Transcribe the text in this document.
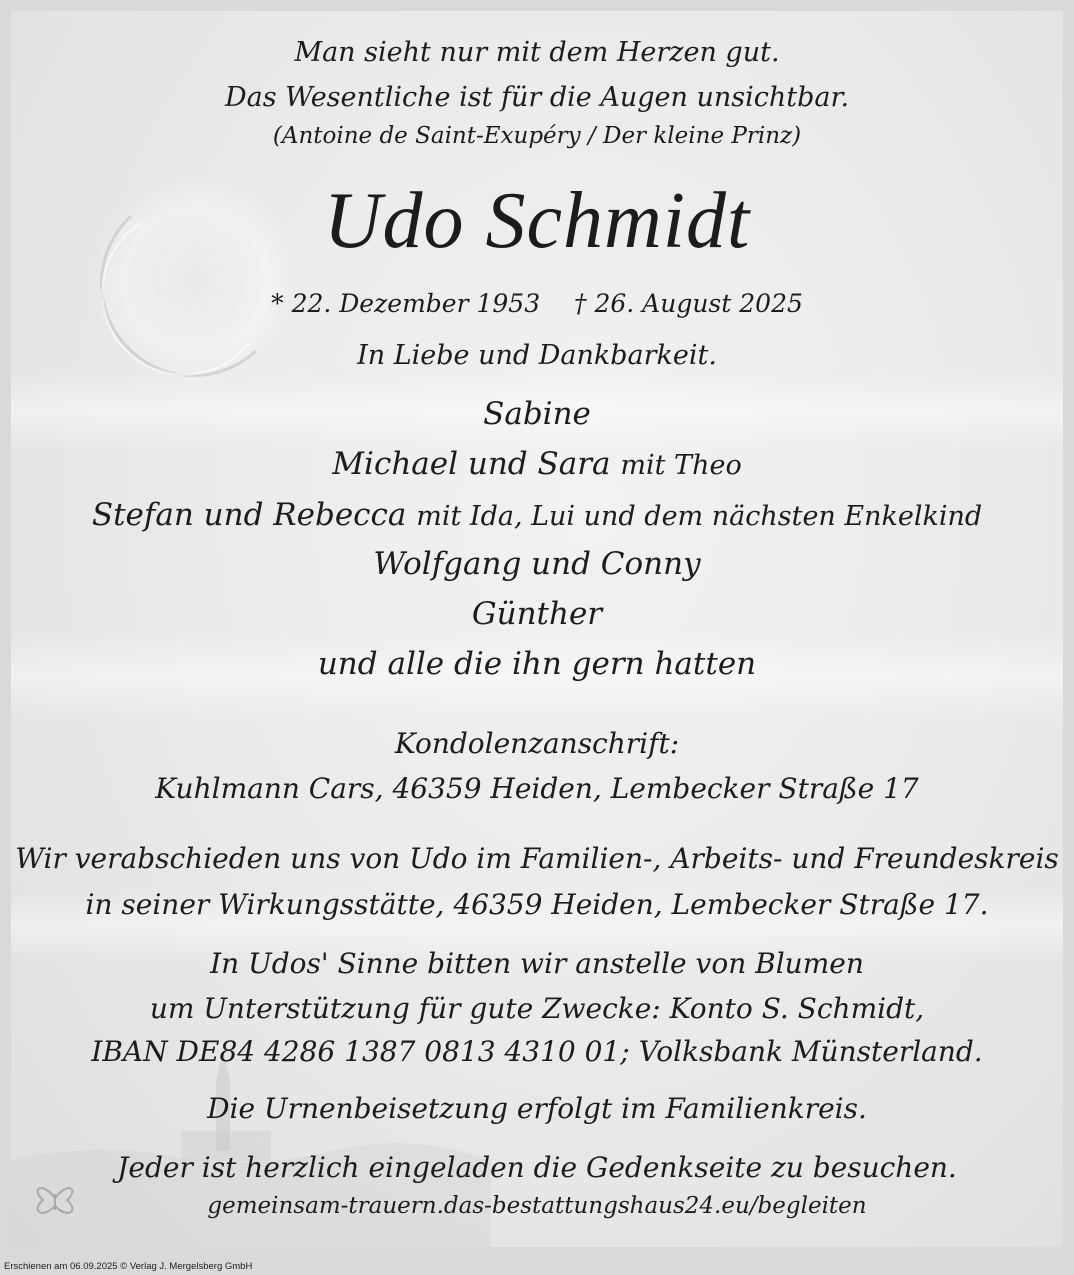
Man sieht nur mit dem Herzen gut.
Das Wesentliche ist für die Augen unsichtbar.
(Antoine de Saint-Exupéry / Der kleine Prinz)
Udo Schmidt
* 22. Dezember 1953 † 26. August 2025
In Liebe und Dankbarkeit.
Sabine
Michael und Sara mit Theo
Stefan und Rebecca mit Ida, Lui und dem nächsten Enkelkind
Wolfgang und Conny
Günther
und alle die ihn gern hatten
Kondolenzanschrift:
Kuhlmann Cars, 46359 Heiden, Lembecker Straße 17
Wir verabschieden uns von Udo im Familien-, Arbeits- und Freundeskreis
in seiner Wirkungsstätte, 46359 Heiden, Lembecker Straße 17.
In Udos' Sinne bitten wir anstelle von Blumen
um Unterstützung für gute Zwecke: Konto S. Schmidt,
IBAN DE84 4286 1387 0813 4310 01; Volksbank Münsterland.
Die Urnenbeisetzung erfolgt im Familienkreis.
Jeder ist herzlich eingeladen die Gedenkseite zu besuchen.
gemeinsam-trauern.das-bestattungshaus24.eu/begleiten
Erschienen am 06.09.2025 © Verlag J. Mergelsberg GmbH
